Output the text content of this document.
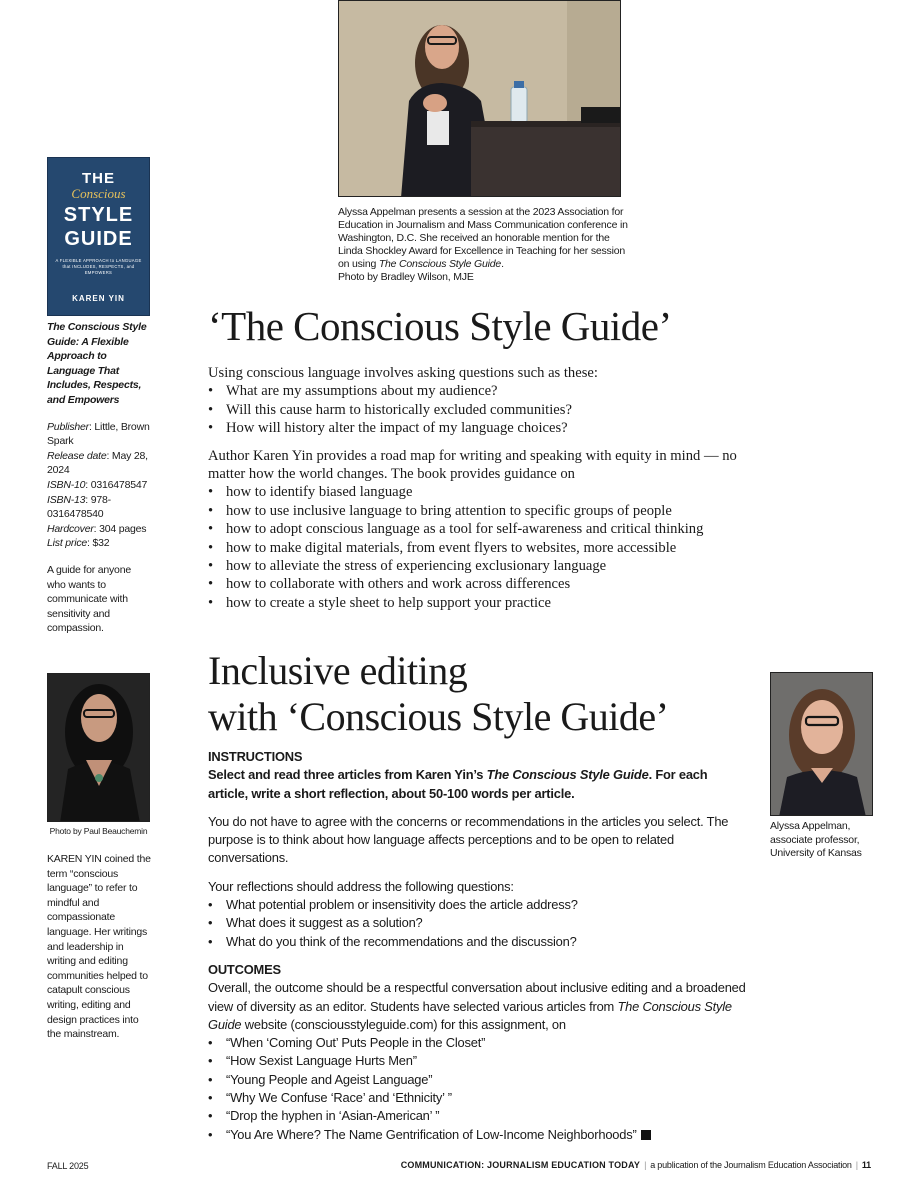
Alyssa Appelman presents a session at the 2023 Association for Education in Journalism and Mass Communication conference in Washington, D.C. She received an honorable mention for the Linda Shockley Award for Excellence in Teaching for her session on using The Conscious Style Guide.
Photo by Bradley Wilson, MJE
THE
Conscious
STYLE
GUIDE
A FLEXIBLE APPROACH to LANGUAGE that INCLUDES, RESPECTS, and EMPOWERS
KAREN YIN

The Conscious Style Guide: A Flexible Approach to Language That Includes, Respects, and Empowers

Publisher: Little, Brown Spark
Release date: May 28, 2024
ISBN-10: 0316478547
ISBN-13: 978-0316478540
Hardcover: 304 pages
List price: $32

A guide for anyone who wants to communicate with sensitivity and compassion.

Photo by Paul Beauchemin
KAREN YIN coined the term “conscious language” to refer to mindful and compassionate language. Her writings and leadership in writing and editing communities helped to catapult conscious writing, editing and design practices into the mainstream.
‘The Conscious Style Guide’

Using conscious language involves asking questions such as these:

• What are my assumptions about my audience?
• Will this cause harm to historically excluded communities?
• How will history alter the impact of my language choices?

Author Karen Yin provides a road map for writing and speaking with equity in mind — no matter how the world changes. The book provides guidance on

• how to identify biased language
• how to use inclusive language to bring attention to specific groups of people
• how to adopt conscious language as a tool for self-awareness and critical thinking
• how to make digital materials, from event flyers to websites, more accessible
• how to alleviate the stress of experiencing exclusionary language
• how to collaborate with others and work across differences
• how to create a style sheet to help support your practice
Inclusive editing
with ‘Conscious Style Guide’

INSTRUCTIONS

Select and read three articles from Karen Yin’s The Conscious Style Guide. For each article, write a short reflection, about 50-100 words per article.

You do not have to agree with the concerns or recommendations in the articles you select. The purpose is to think about how language affects perceptions and to be open to related conversations.

Your reflections should address the following questions:

• What potential problem or insensitivity does the article address?
• What does it suggest as a solution?
• What do you think of the recommendations and the discussion?

OUTCOMES

Overall, the outcome should be a respectful conversation about inclusive editing and a broadened view of diversity as an editor. Students have selected various articles from The Conscious Style Guide website (consciousstyleguide.com) for this assignment, on

• “When ‘Coming Out’ Puts People in the Closet”
• “How Sexist Language Hurts Men”
• “Young People and Ageist Language”
• “Why We Confuse ‘Race’ and ‘Ethnicity’ ”
• “Drop the hyphen in ‘Asian-American’ ”
• “You Are Where? The Name Gentrification of Low-Income Neighborhoods”
Alyssa Appelman, associate professor, University of Kansas
FALL 2025	COMMUNICATION: JOURNALISM EDUCATION TODAY | a publication of the Journalism Education Association | 11
